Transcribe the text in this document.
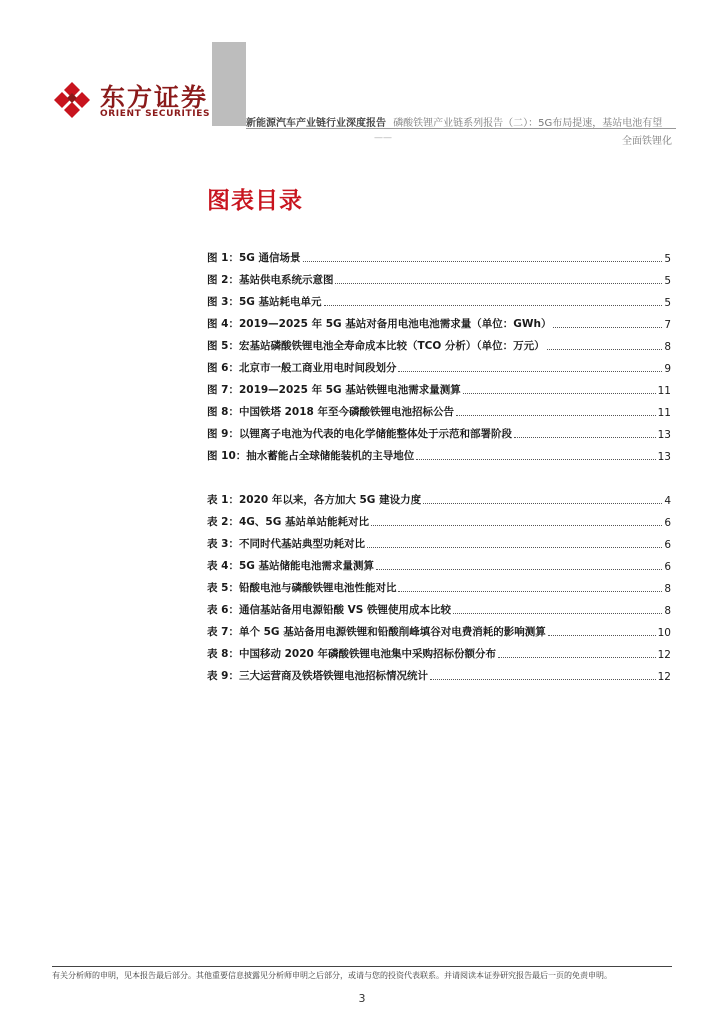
东方证券
ORIENT SECURITIES
新能源汽车产业链行业深度报告 磷酸铁锂产业链系列报告（二）：5G布局提速，基站电池有望
——	全面铁锂化
图表目录
图 1：5G 通信场景	5
图 2：基站供电系统示意图	5
图 3：5G 基站耗电单元	5
图 4：2019—2025 年 5G 基站对备用电池电池需求量（单位：GWh）	7
图 5：宏基站磷酸铁锂电池全寿命成本比较（TCO 分析）（单位：万元）	8
图 6：北京市一般工商业用电时间段划分	9
图 7：2019—2025 年 5G 基站铁锂电池需求量测算	11
图 8：中国铁塔 2018 年至今磷酸铁锂电池招标公告	11
图 9：以锂离子电池为代表的电化学储能整体处于示范和部署阶段	13
图 10：抽水蓄能占全球储能装机的主导地位	13
表 1：2020 年以来，各方加大 5G 建设力度	4
表 2：4G、5G 基站单站能耗对比	6
表 3：不同时代基站典型功耗对比	6
表 4：5G 基站储能电池需求量测算	6
表 5：铅酸电池与磷酸铁锂电池性能对比	8
表 6：通信基站备用电源铅酸 VS 铁锂使用成本比较	8
表 7：单个 5G 基站备用电源铁锂和铅酸削峰填谷对电费消耗的影响测算	10
表 8：中国移动 2020 年磷酸铁锂电池集中采购招标份额分布	12
表 9：三大运营商及铁塔铁锂电池招标情况统计	12
有关分析师的申明，见本报告最后部分。其他重要信息披露见分析师申明之后部分，或请与您的投资代表联系。并请阅读本证券研究报告最后一页的免责申明。
3
